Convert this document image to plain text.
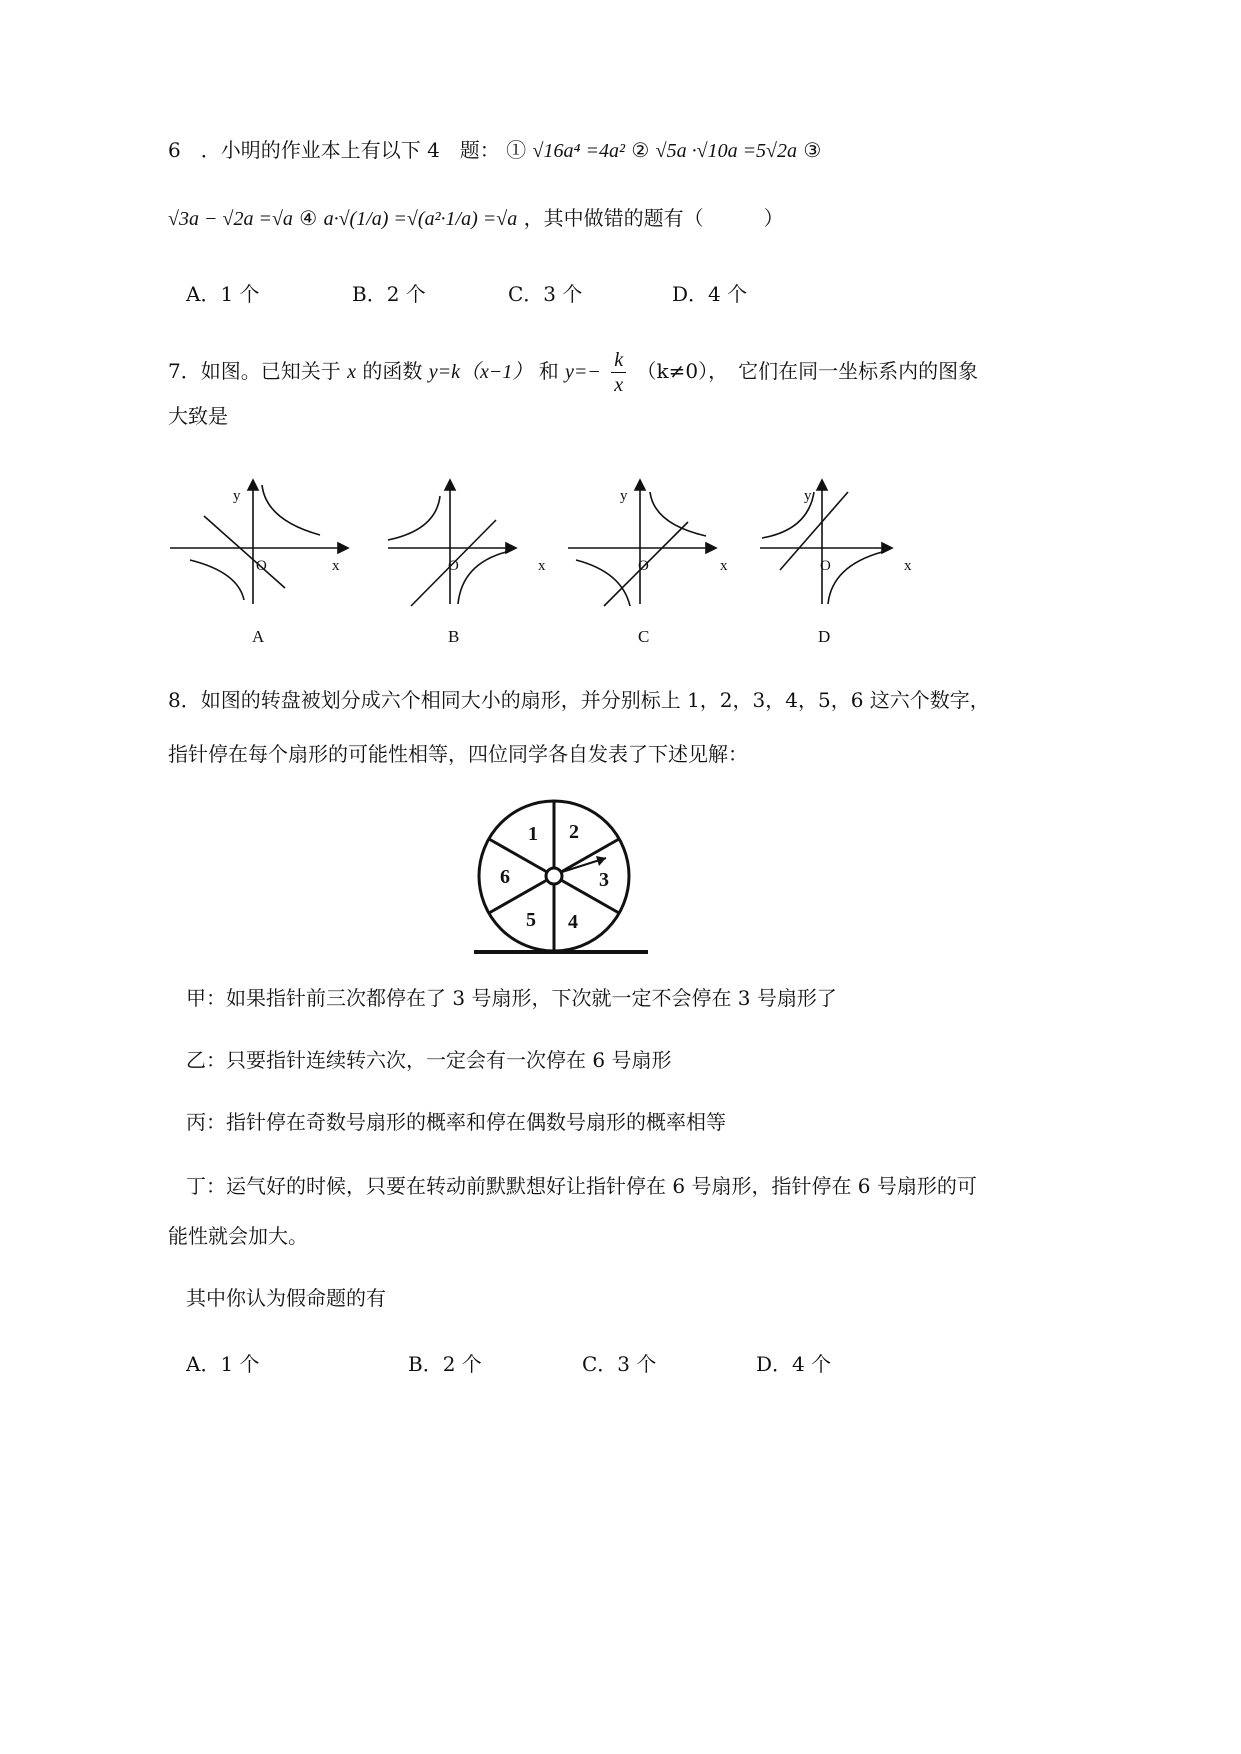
6　．小明的作业本上有以下 4　题： ① √16a⁴ =4a² ② √5a ·√10a =5√2a ③
√3a − √2a =√a ④ a·√(1/a) =√(a²·1/a) =√a ，其中做错的题有（　　　）
A．1 个	B．2 个	C．3 个	D．4 个
7．如图。已知关于 x 的函数 y=k（x−1） 和 $y=- \frac{k}{x} (k\ne 0)$，　它们在同一坐标系内的图象
大致是
y
x
O
A
x
O
B
y
x
O
C
y
x
O
D
8．如图的转盘被划分成六个相同大小的扇形，并分别标上 1，2，3，4，5，6 这六个数字，
指针停在每个扇形的可能性相等，四位同学各自发表了下述见解：
1 2
3
4
5
6
甲：如果指针前三次都停在了 3 号扇形，下次就一定不会停在 3 号扇形了
乙：只要指针连续转六次，一定会有一次停在 6 号扇形
丙：指针停在奇数号扇形的概率和停在偶数号扇形的概率相等
丁：运气好的时候，只要在转动前默默想好让指针停在 6 号扇形，指针停在 6 号扇形的可
能性就会加大。
其中你认为假命题的有
A．1 个	B．2 个	C．3 个	D．4 个
